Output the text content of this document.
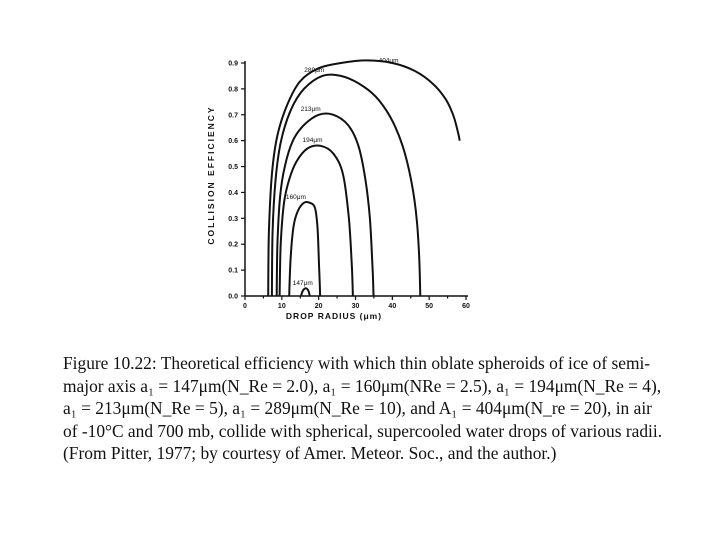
COLLISION EFFICIENCY
DROP RADIUS (μm)
0.0
0.1
0.2
0.3
0.4
0.5
0.6
0.7
0.8
0.9
0	10	20	30	40	50	60
147μm
160μm
194μm
213μm
289μm
404μm

Figure 10.22: Theoretical efficiency with which thin oblate spheroids of ice of semi-major axis a₁ = 147μm(N_Re = 2.0), a₁ = 160μm(NRe = 2.5), a₁ = 194μm(N_Re = 4), a₁ = 213μm(N_Re = 5), a₁ = 289μm(N_Re = 10), and A₁ = 404μm(N_re = 20), in air of -10°C and 700 mb, collide with spherical, supercooled water drops of various radii. (From Pitter, 1977; by courtesy of Amer. Meteor. Soc., and the author.)
